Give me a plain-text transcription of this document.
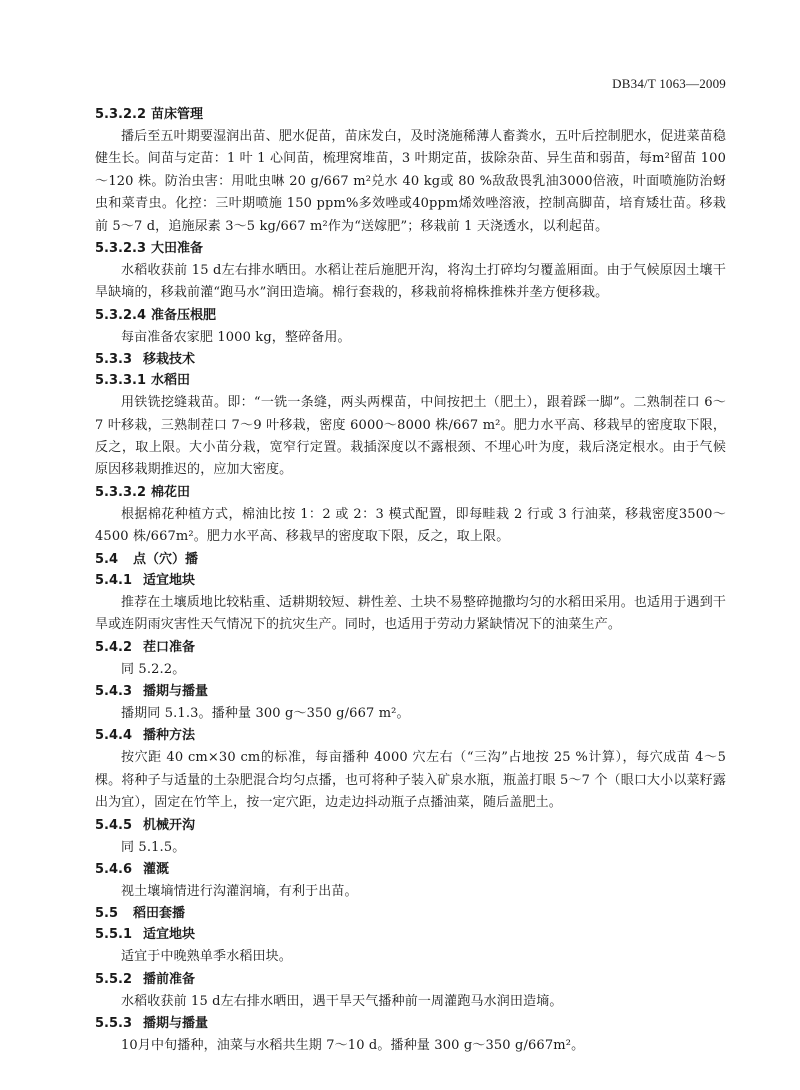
DB34/T 1063—2009
5.3.2.2 苗床管理

播后至五叶期要湿润出苗、肥水促苗，苗床发白，及时浇施稀薄人畜粪水，五叶后控制肥水，促进菜苗稳健生长。间苗与定苗：1 叶 1 心间苗，梳理窝堆苗，3 叶期定苗，拔除杂苗、异生苗和弱苗，每m²留苗 100～120 株。防治虫害：用吡虫啉 20 g/667 m²兑水 40 kg或 80 %敌敌畏乳油3000倍液，叶面喷施防治蚜虫和菜青虫。化控：三叶期喷施 150 ppm%多效唑或40ppm烯效唑溶液，控制高脚苗，培育矮壮苗。移栽前 5～7 d，追施尿素 3～5 kg/667 m²作为“送嫁肥”；移栽前 1 天浇透水，以利起苗。

5.3.2.3 大田准备

水稻收获前 15 d左右排水晒田。水稻让茬后施肥开沟，将沟土打碎均匀覆盖厢面。由于气候原因土壤干旱缺墒的，移栽前灌“跑马水”润田造墒。棉行套栽的，移栽前将棉株推株并垄方便移栽。

5.3.2.4 准备压根肥

每亩准备农家肥 1000 kg，整碎备用。

5.3.3 移栽技术
5.3.3.1 水稻田

用铁铣挖缝栽苗。即：“一铣一条缝，两头两棵苗，中间按把土（肥土），跟着踩一脚”。二熟制茬口 6～7 叶移栽，三熟制茬口 7～9 叶移栽，密度 6000～8000 株/667 m²。肥力水平高、移栽早的密度取下限，反之，取上限。大小苗分栽，宽窄行定置。栽插深度以不露根颈、不埋心叶为度，栽后浇定根水。由于气候原因移栽期推迟的，应加大密度。

5.3.3.2 棉花田

根据棉花种植方式，棉油比按 1：2 或 2：3 模式配置，即每畦栽 2 行或 3 行油菜，移栽密度3500～4500 株/667m²。肥力水平高、移栽早的密度取下限，反之，取上限。

5.4 点（穴）播
5.4.1 适宜地块

推荐在土壤质地比较粘重、适耕期较短、耕性差、土块不易整碎抛撒均匀的水稻田采用。也适用于遇到干旱或连阴雨灾害性天气情况下的抗灾生产。同时，也适用于劳动力紧缺情况下的油菜生产。

5.4.2 茬口准备

同 5.2.2。

5.4.3 播期与播量

播期同 5.1.3。播种量 300 g～350 g/667 m²。

5.4.4 播种方法

按穴距 40 cm×30 cm的标准，每亩播种 4000 穴左右（“三沟”占地按 25 %计算），每穴成苗 4～5 棵。将种子与适量的土杂肥混合均匀点播，也可将种子装入矿泉水瓶，瓶盖打眼 5～7 个（眼口大小以菜籽露出为宜），固定在竹竿上，按一定穴距，边走边抖动瓶子点播油菜，随后盖肥土。

5.4.5 机械开沟

同 5.1.5。

5.4.6 灌溉

视土壤墒情进行沟灌润墒，有利于出苗。

5.5 稻田套播
5.5.1 适宜地块

适宜于中晚熟单季水稻田块。

5.5.2 播前准备

水稻收获前 15 d左右排水晒田，遇干旱天气播种前一周灌跑马水润田造墒。

5.5.3 播期与播量

10月中旬播种，油菜与水稻共生期 7～10 d。播种量 300 g～350 g/667m²。
